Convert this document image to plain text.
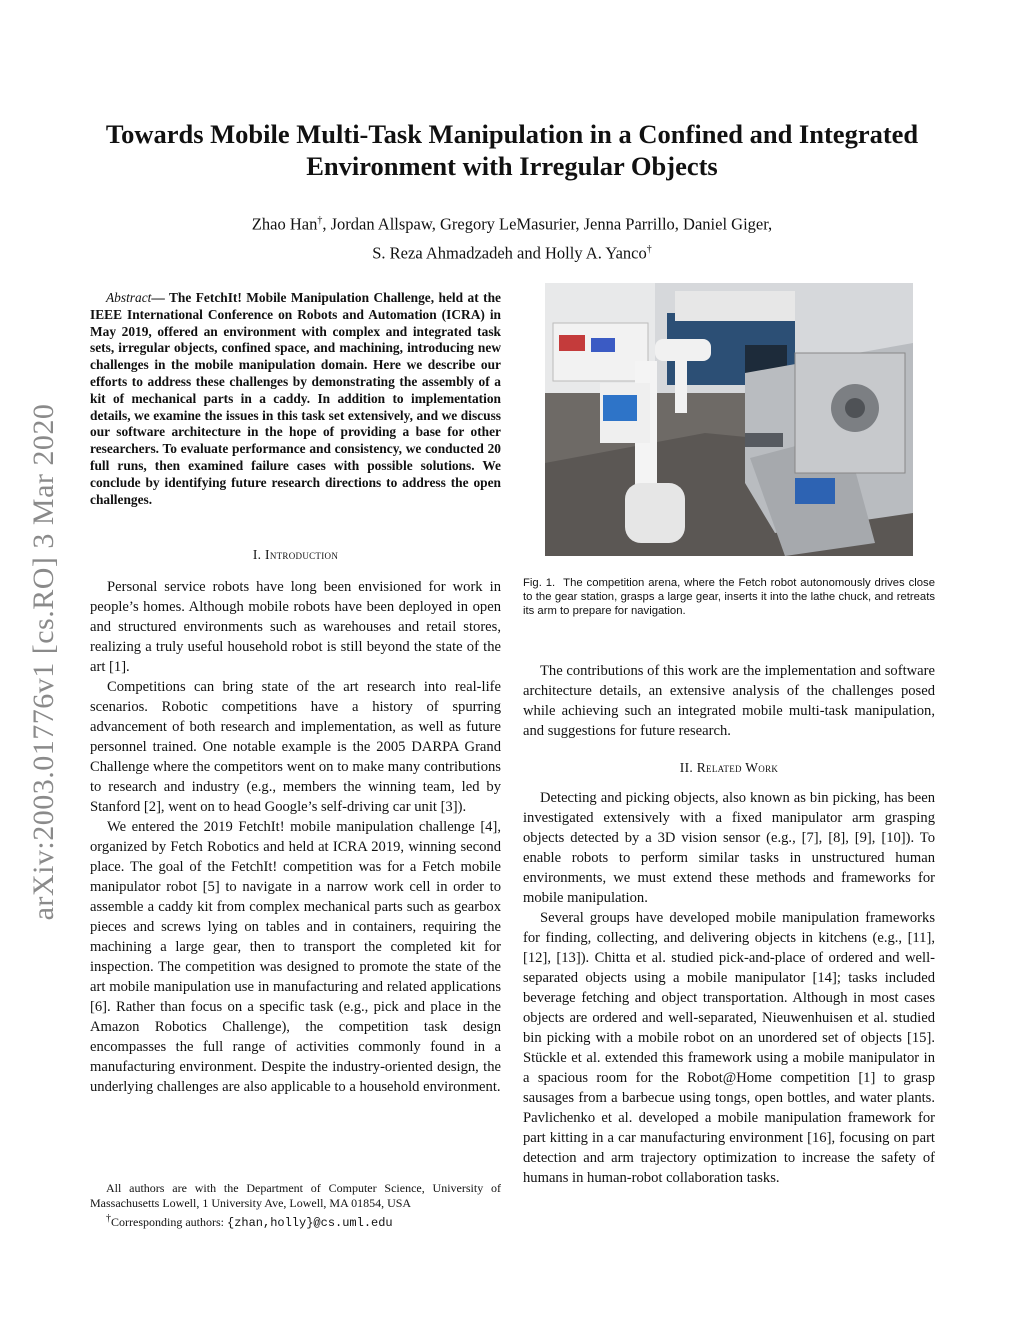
arXiv:2003.01776v1 [cs.RO] 3 Mar 2020
Towards Mobile Multi-Task Manipulation in a Confined and Integrated
Environment with Irregular Objects
Zhao Han†, Jordan Allspaw, Gregory LeMasurier, Jenna Parrillo, Daniel Giger,
S. Reza Ahmadzadeh and Holly A. Yanco†
Abstract— The FetchIt! Mobile Manipulation Challenge, held at the IEEE International Conference on Robots and Automation (ICRA) in May 2019, offered an environment with complex and integrated task sets, irregular objects, confined space, and machining, introducing new challenges in the mobile manipulation domain. Here we describe our efforts to address these challenges by demonstrating the assembly of a kit of mechanical parts in a caddy. In addition to implementation details, we examine the issues in this task set extensively, and we discuss our software architecture in the hope of providing a base for other researchers. To evaluate performance and consistency, we conducted 20 full runs, then examined failure cases with possible solutions. We conclude by identifying future research directions to address the open challenges.
I. Introduction

Personal service robots have long been envisioned for work in people’s homes. Although mobile robots have been deployed in open and structured environments such as warehouses and retail stores, realizing a truly useful household robot is still beyond the state of the art [1].

Competitions can bring state of the art research into real-life scenarios. Robotic competitions have a history of spurring advancement of both research and implementation, as well as future personnel trained. One notable example is the 2005 DARPA Grand Challenge where the competitors went on to make many contributions to research and industry (e.g., members the winning team, led by Stanford [2], went on to head Google’s self-driving car unit [3]).

We entered the 2019 FetchIt! mobile manipulation challenge [4], organized by Fetch Robotics and held at ICRA 2019, winning second place. The goal of the FetchIt! competition was for a Fetch mobile manipulator robot [5] to navigate in a narrow work cell in order to assemble a caddy kit from complex mechanical parts such as gearbox pieces and screws lying on tables and in containers, requiring the machining a large gear, then to transport the completed kit for inspection. The competition was designed to promote the state of the art mobile manipulation use in manufacturing and related applications [6]. Rather than focus on a specific task (e.g., pick and place in the Amazon Robotics Challenge), the competition task design encompasses the full range of activities commonly found in a manufacturing environment. Despite the industry-oriented design, the underlying challenges are also applicable to a household environment.

All authors are with the Department of Computer Science, University of Massachusetts Lowell, 1 University Ave, Lowell, MA 01854, USA

†Corresponding authors: {zhan,holly}@cs.uml.edu

Fig. 1. The competition arena, where the Fetch robot autonomously drives close to the gear station, grasps a large gear, inserts it into the lathe chuck, and retreats its arm to prepare for navigation.

The contributions of this work are the implementation and software architecture details, an extensive analysis of the challenges posed while achieving such an integrated mobile multi-task manipulation, and suggestions for future research.

II. Related Work

Detecting and picking objects, also known as bin picking, has been investigated extensively with a fixed manipulator arm grasping objects detected by a 3D vision sensor (e.g., [7], [8], [9], [10]). To enable robots to perform similar tasks in unstructured human environments, we must extend these methods and frameworks for mobile manipulation.

Several groups have developed mobile manipulation frameworks for finding, collecting, and delivering objects in kitchens (e.g., [11], [12], [13]). Chitta et al. studied pick-and-place of ordered and well-separated objects using a mobile manipulator [14]; tasks included beverage fetching and object transportation. Although in most cases objects are ordered and well-separated, Nieuwenhuisen et al. studied bin picking with a mobile robot on an unordered set of objects [15]. Stückle et al. extended this framework using a mobile manipulator in a spacious room for the Robot@Home competition [1] to grasp sausages from a barbecue using tongs, open bottles, and water plants. Pavlichenko et al. developed a mobile manipulation framework for part kitting in a car manufacturing environment [16], focusing on part detection and arm trajectory optimization to increase the safety of humans in human-robot collaboration tasks.
